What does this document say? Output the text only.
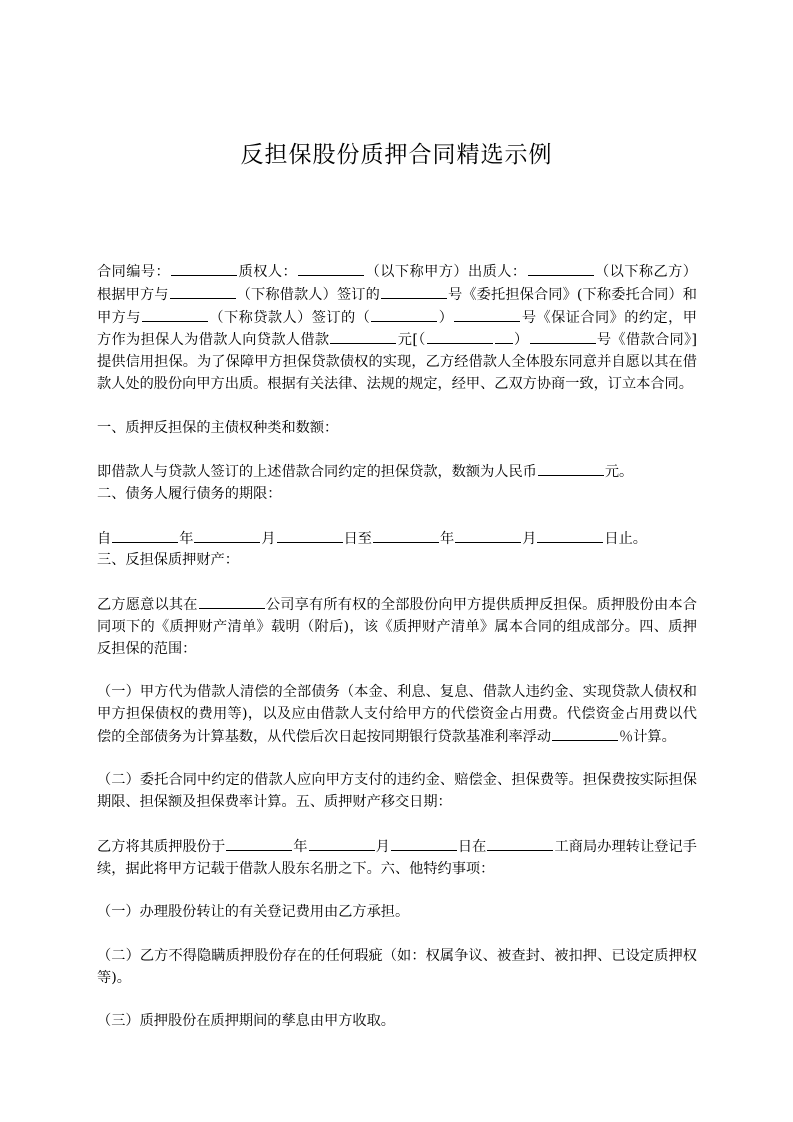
反担保股份质押合同精选示例

合同编号：	质权人：	（以下称甲方）出质人：	（以下称乙方）根据甲方与	（下称借款人）签订的	号《委托担保合同》(下称委托合同）和甲方与	（下称贷款人）签订的（	）	号《保证合同》的约定，甲方作为担保人为借款人向贷款人借款	元[（	）	号《借款合同》]提供信用担保。为了保障甲方担保贷款债权的实现，乙方经借款人全体股东同意并自愿以其在借款人处的股份向甲方出质。根据有关法律、法规的规定，经甲、乙双方协商一致，订立本合同。

一、质押反担保的主债权种类和数额：

即借款人与贷款人签订的上述借款合同约定的担保贷款，数额为人民币	元。

二、债务人履行债务的期限：

自	年	月	日至	年	月	日止。

三、反担保质押财产：

乙方愿意以其在	公司享有所有权的全部股份向甲方提供质押反担保。质押股份由本合同项下的《质押财产清单》载明（附后)，该《质押财产清单》属本合同的组成部分。四、质押反担保的范围：

（一）甲方代为借款人清偿的全部债务（本金、利息、复息、借款人违约金、实现贷款人债权和甲方担保债权的费用等)，以及应由借款人支付给甲方的代偿资金占用费。代偿资金占用费以代偿的全部债务为计算基数，从代偿后次日起按同期银行贷款基准利率浮动	％计算。

（二）委托合同中约定的借款人应向甲方支付的违约金、赔偿金、担保费等。担保费按实际担保期限、担保额及担保费率计算。五、质押财产移交日期：

乙方将其质押股份于	年	月	日在	工商局办理转让登记手续，据此将甲方记载于借款人股东名册之下。六、他特约事项：

（一）办理股份转让的有关登记费用由乙方承担。

（二）乙方不得隐瞒质押股份存在的任何瑕疵（如：权属争议、被查封、被扣押、已设定质押权等)。

（三）质押股份在质押期间的孳息由甲方收取。
